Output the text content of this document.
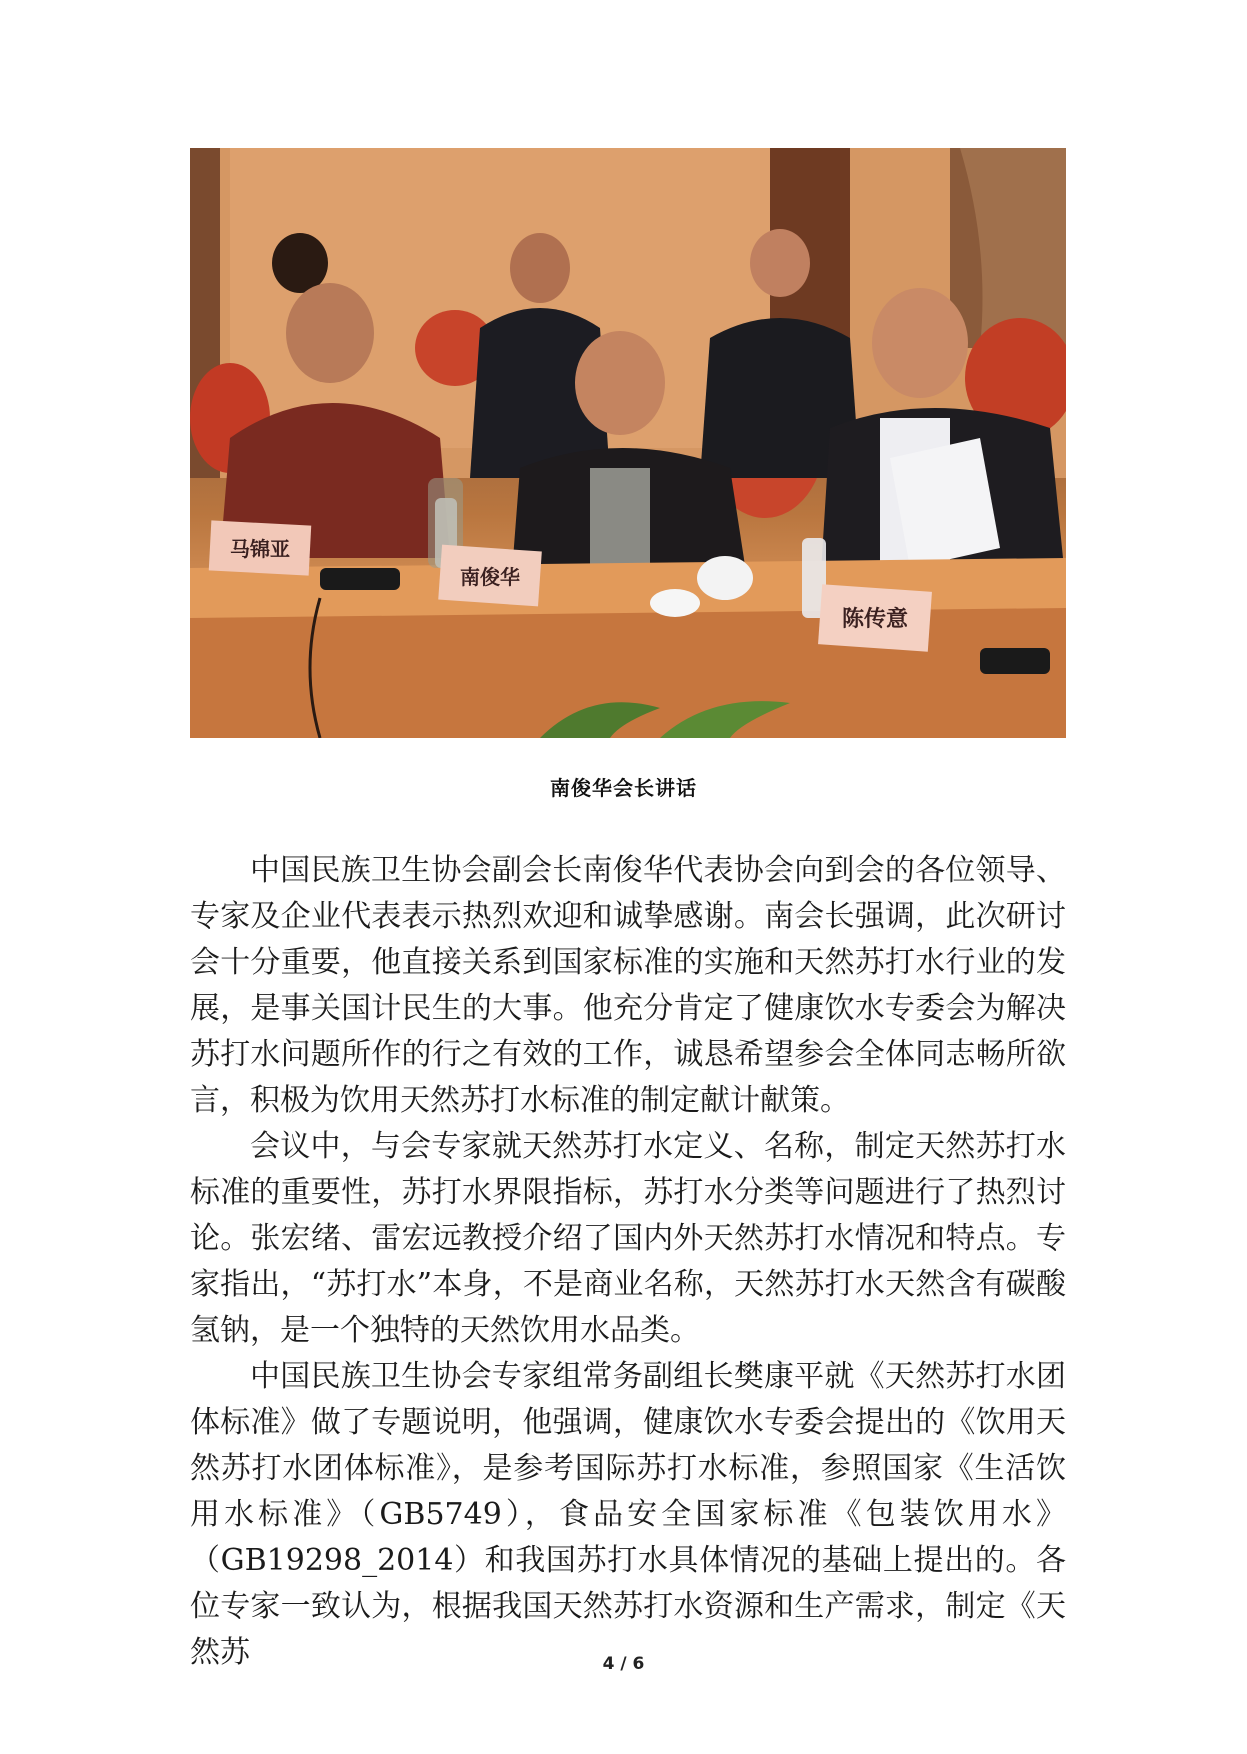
马锦亚
南俊华
陈传意
南俊华会长讲话

中国民族卫生协会副会长南俊华代表协会向到会的各位领导、专家及企业代表表示热烈欢迎和诚挚感谢。南会长强调，此次研讨会十分重要，他直接关系到国家标准的实施和天然苏打水行业的发展，是事关国计民生的大事。他充分肯定了健康饮水专委会为解决苏打水问题所作的行之有效的工作，诚恳希望参会全体同志畅所欲言，积极为饮用天然苏打水标准的制定献计献策。

会议中，与会专家就天然苏打水定义、名称，制定天然苏打水标准的重要性，苏打水界限指标，苏打水分类等问题进行了热烈讨论。张宏绪、雷宏远教授介绍了国内外天然苏打水情况和特点。专家指出，“苏打水”本身，不是商业名称，天然苏打水天然含有碳酸氢钠，是一个独特的天然饮用水品类。

中国民族卫生协会专家组常务副组长樊康平就《天然苏打水团体标准》做了专题说明，他强调，健康饮水专委会提出的《饮用天然苏打水团体标准》，是参考国际苏打水标准，参照国家《生活饮用水标准》（GB5749），食品安全国家标准《包装饮用水》（GB19298_2014）和我国苏打水具体情况的基础上提出的。各位专家一致认为，根据我国天然苏打水资源和生产需求，制定《天然苏	4 / 6
